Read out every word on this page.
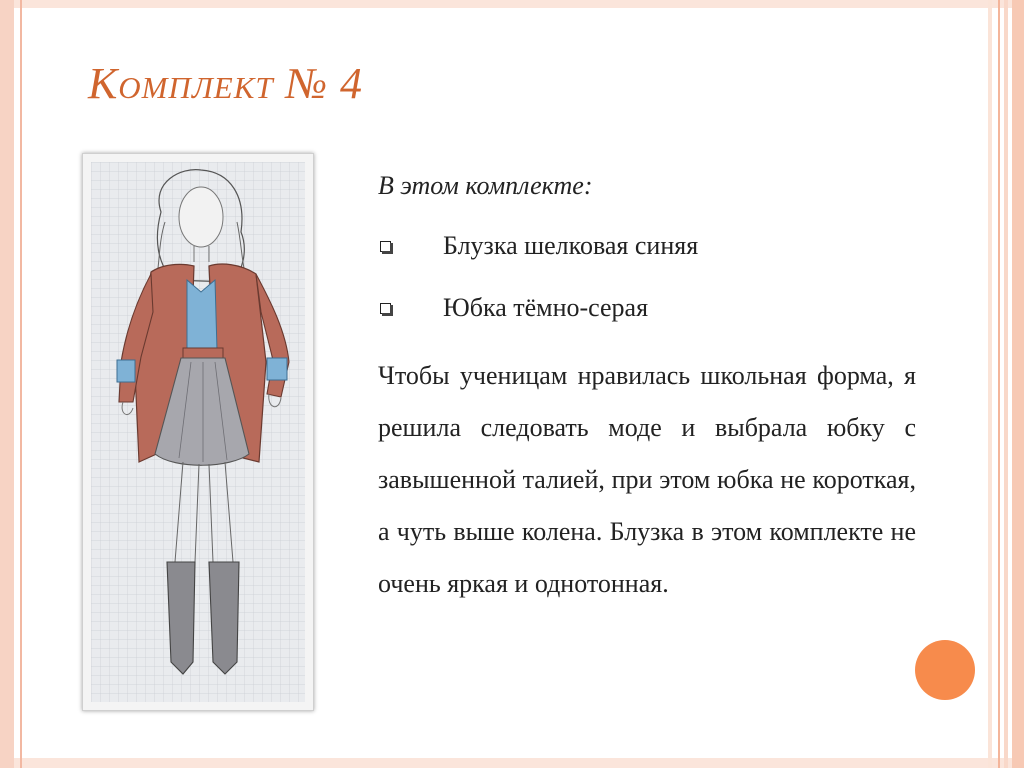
Комплект № 4

В этом комплекте:

Блузка шелковая синяя
Юбка тёмно-серая

Чтобы ученицам нравилась школьная форма, я решила следовать моде и выбрала юбку с завышенной талией, при этом юбка не короткая, а чуть выше колена. Блузка в этом комплекте не очень яркая и однотонная.
